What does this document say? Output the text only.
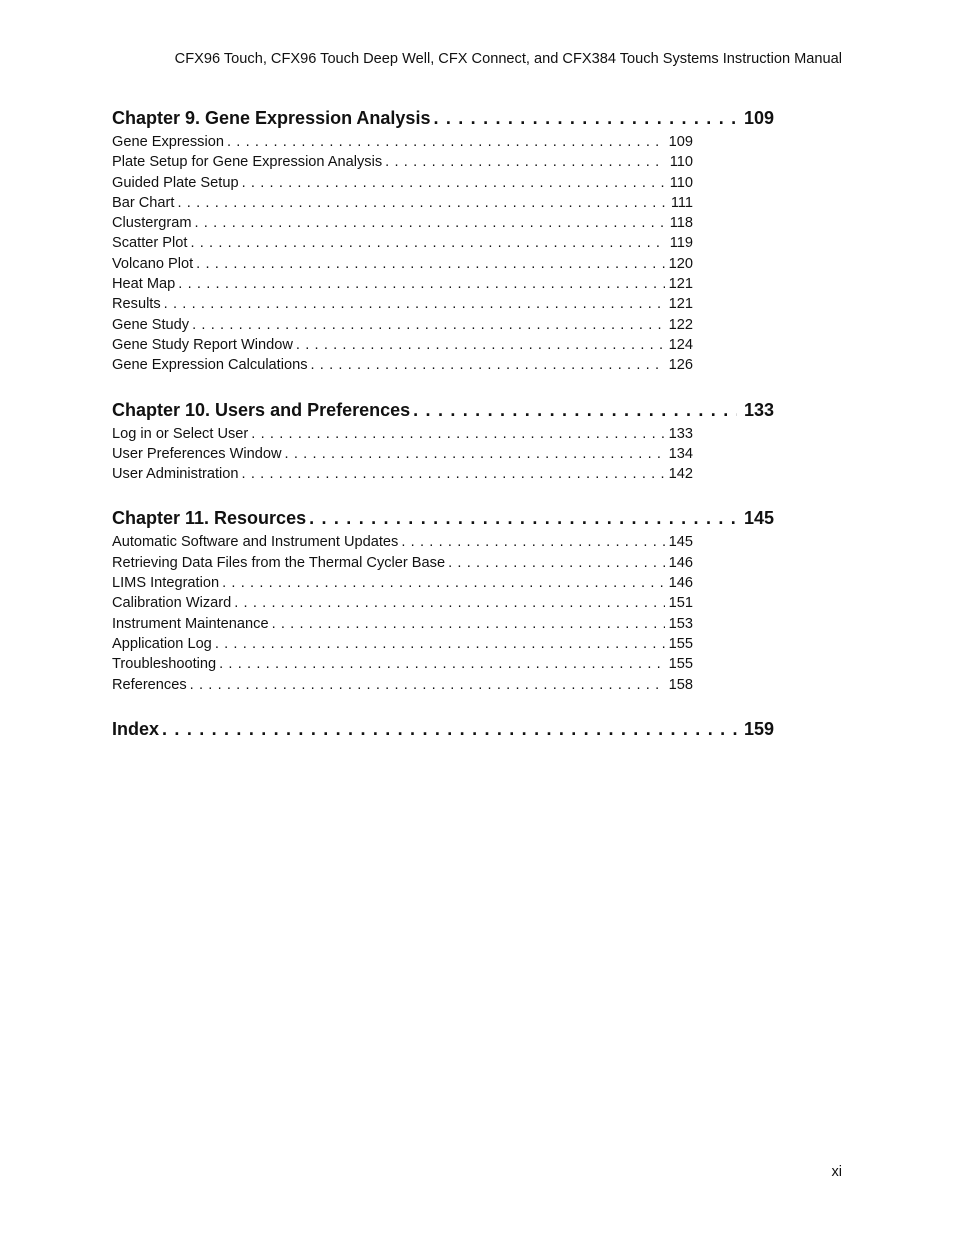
CFX96 Touch, CFX96 Touch Deep Well, CFX Connect, and CFX384 Touch Systems Instruction Manual
Chapter 9. Gene Expression Analysis . . .	109
Gene Expression . . .	109
Plate Setup for Gene Expression Analysis . . .	110
Guided Plate Setup . . .	110
Bar Chart . . .	111
Clustergram . . .	118
Scatter Plot . . .	119
Volcano Plot . . .	120
Heat Map . . .	121
Results . . .	121
Gene Study . . .	122
Gene Study Report Window . . .	124
Gene Expression Calculations . . .	126
Chapter 10. Users and Preferences . . .	133
Log in or Select User . . .	133
User Preferences Window . . .	134
User Administration . . .	142
Chapter 11. Resources . . .	145
Automatic Software and Instrument Updates . . .	145
Retrieving Data Files from the Thermal Cycler Base . . .	146
LIMS Integration . . .	146
Calibration Wizard . . .	151
Instrument Maintenance . . .	153
Application Log . . .	155
Troubleshooting . . .	155
References . . .	158
Index . . .	159
xi
